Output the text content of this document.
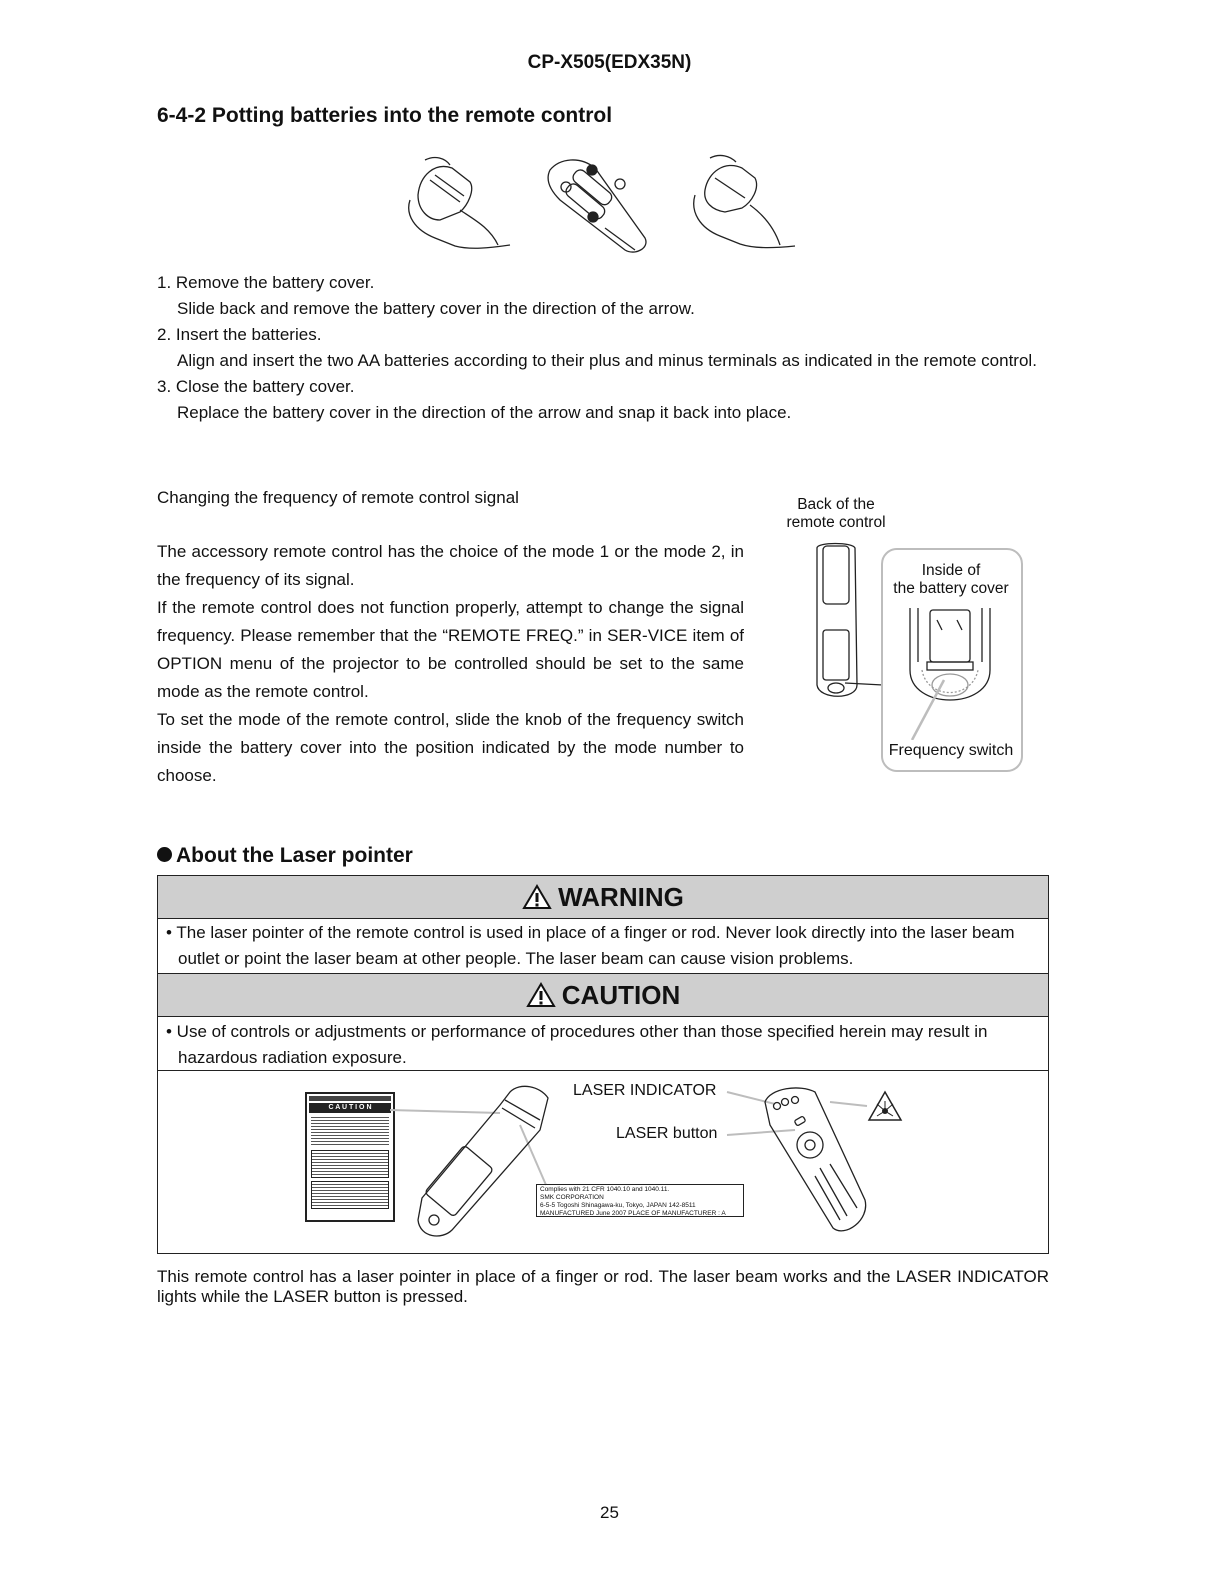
CP-X505(EDX35N)
6-4-2 Potting batteries into the remote control
1. Remove the battery cover.
Slide back and remove the battery cover in the direction of the arrow.
2. Insert the batteries.
Align and insert the two AA batteries according to their plus and minus terminals as indicated in the remote control.
3. Close the battery cover.
Replace the battery cover in the direction of the arrow and snap it back into place.
Changing the frequency of remote control signal

The accessory remote control has the choice of the mode 1 or the mode 2, in the frequency of its signal.

If the remote control does not function properly, attempt to change the signal frequency. Please remember that the “REMOTE FREQ.” in SER-VICE item of OPTION menu of the projector to be controlled should be set to the same mode as the remote control.

To set the mode of the remote control, slide the knob of the frequency switch inside the battery cover into the position indicated by the mode number to choose.

Back of the
remote control
Inside of
the battery cover
Frequency switch
About the Laser pointer
WARNING
• The laser pointer of the remote control is used in place of a finger or rod. Never look directly into the laser beam outlet or point the laser beam at other people. The laser beam can cause vision problems.
CAUTION
• Use of controls or adjustments or performance of procedures other than those specified herein may result in hazardous radiation exposure.
C A U T I O N
Complies with 21 CFR 1040.10 and 1040.11.
SMK CORPORATION
6-5-5 Togoshi Shinagawa-ku, Tokyo, JAPAN 142-8511
MANUFACTURED June 2007 PLACE OF MANUFACTURER : A
LASER INDICATOR
LASER button
This remote control has a laser pointer in place of a finger or rod. The laser beam works and the LASER INDICATOR lights while the LASER button is pressed.
25
